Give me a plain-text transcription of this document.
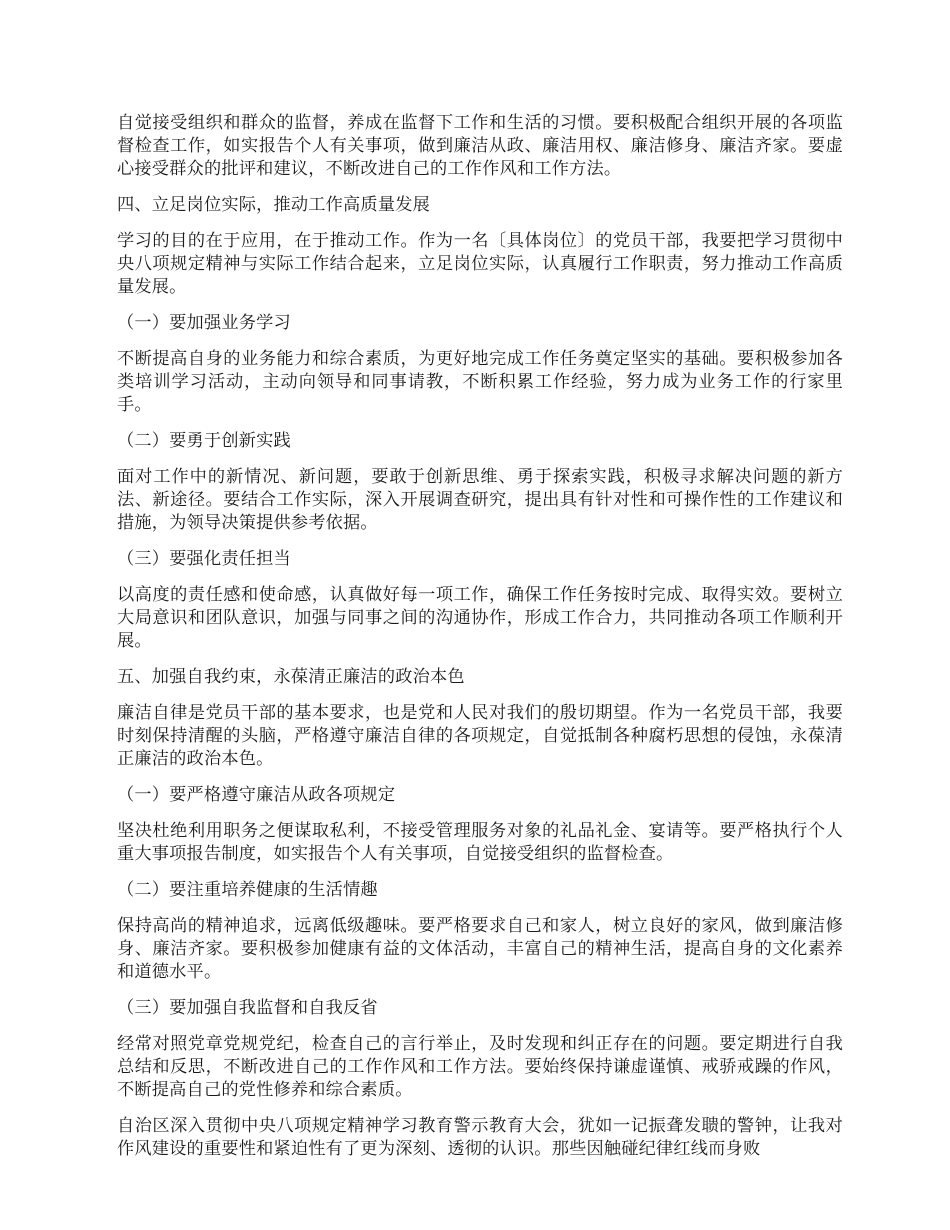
自觉接受组织和群众的监督，养成在监督下工作和生活的习惯。要积极配合组织开展的各项监督检查工作，如实报告个人有关事项，做到廉洁从政、廉洁用权、廉洁修身、廉洁齐家。要虚心接受群众的批评和建议，不断改进自己的工作作风和工作方法。

四、立足岗位实际，推动工作高质量发展

学习的目的在于应用，在于推动工作。作为一名〔具体岗位〕的党员干部，我要把学习贯彻中央八项规定精神与实际工作结合起来，立足岗位实际，认真履行工作职责，努力推动工作高质量发展。

（一）要加强业务学习

不断提高自身的业务能力和综合素质，为更好地完成工作任务奠定坚实的基础。要积极参加各类培训学习活动，主动向领导和同事请教，不断积累工作经验，努力成为业务工作的行家里手。

（二）要勇于创新实践

面对工作中的新情况、新问题，要敢于创新思维、勇于探索实践，积极寻求解决问题的新方法、新途径。要结合工作实际，深入开展调查研究，提出具有针对性和可操作性的工作建议和措施，为领导决策提供参考依据。

（三）要强化责任担当

以高度的责任感和使命感，认真做好每一项工作，确保工作任务按时完成、取得实效。要树立大局意识和团队意识，加强与同事之间的沟通协作，形成工作合力，共同推动各项工作顺利开展。

五、加强自我约束，永葆清正廉洁的政治本色

廉洁自律是党员干部的基本要求，也是党和人民对我们的殷切期望。作为一名党员干部，我要时刻保持清醒的头脑，严格遵守廉洁自律的各项规定，自觉抵制各种腐朽思想的侵蚀，永葆清正廉洁的政治本色。

（一）要严格遵守廉洁从政各项规定

坚决杜绝利用职务之便谋取私利，不接受管理服务对象的礼品礼金、宴请等。要严格执行个人重大事项报告制度，如实报告个人有关事项，自觉接受组织的监督检查。

（二）要注重培养健康的生活情趣

保持高尚的精神追求，远离低级趣味。要严格要求自己和家人，树立良好的家风，做到廉洁修身、廉洁齐家。要积极参加健康有益的文体活动，丰富自己的精神生活，提高自身的文化素养和道德水平。

（三）要加强自我监督和自我反省

经常对照党章党规党纪，检查自己的言行举止，及时发现和纠正存在的问题。要定期进行自我总结和反思，不断改进自己的工作作风和工作方法。要始终保持谦虚谨慎、戒骄戒躁的作风，不断提高自己的党性修养和综合素质。

自治区深入贯彻中央八项规定精神学习教育警示教育大会，犹如一记振聋发聩的警钟，让我对作风建设的重要性和紧迫性有了更为深刻、透彻的认识。那些因触碰纪律红线而身败
